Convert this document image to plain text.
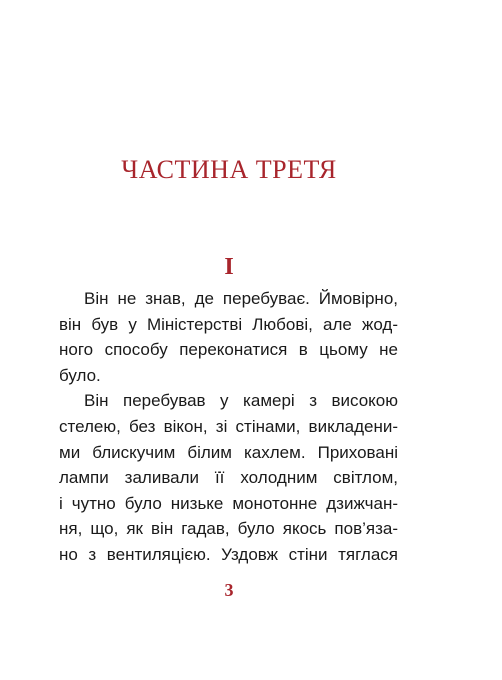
ЧАСТИНА ТРЕТЯ
I
Він не знав, де перебуває. Ймовірно,
він був у Міністерстві Любові, але жод-
ного способу переконатися в цьому не
було.
Він перебував у камері з високою
стелею, без вікон, зі стінами, викладени-
ми блискучим білим кахлем. Приховані
лампи заливали її холодним світлом,
і чутно було низьке монотонне дзижчан-
ня, що, як він гадав, було якось пов’яза-
но з вентиляцією. Уздовж стіни тяглася
3
